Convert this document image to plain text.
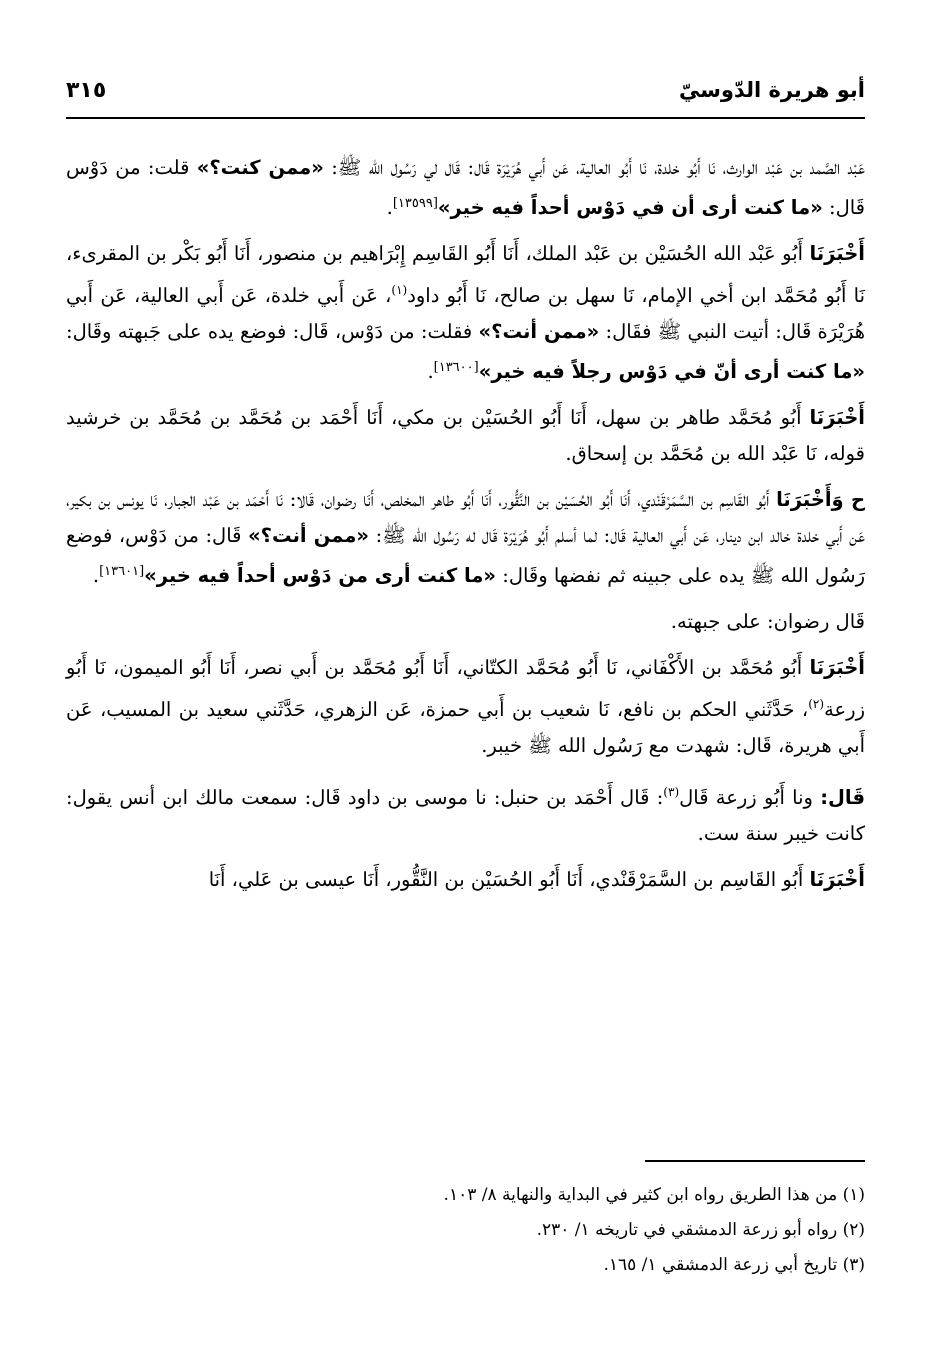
أبو هريرة الدّوسيّ
٣١٥

عَبْد الصَّمد بن عَبْد الوارث، نَا أَبُو خلدة، نَا أَبُو العالية، عَن أَبي هُرَيْرَة قَال: قَال لي رَسُول الله ﷺ: «ممن كنت؟» قلت: من دَوْس قَال: «ما كنت أرى أن في دَوْس أحداً فيه خير»[١٣٥٩٩].

أَخْبَرَنَا أَبُو عَبْد الله الحُسَيْن بن عَبْد الملك، أَنَا أَبُو القَاسِم إِبْرَاهيم بن منصور، أَنَا أَبُو بَكْر بن المقرىء، نَا أَبُو مُحَمَّد ابن أخي الإمام، نَا سهل بن صالح، نَا أَبُو داود$^{(١)}$، عَن أَبي خلدة، عَن أَبي العالية، عَن أَبي هُرَيْرَة قَال: أتيت النبي ﷺ فقَال: «ممن أنت؟» فقلت: من دَوْس، قَال: فوضع يده على جَبهته وقَال: «ما كنت أرى أنّ في دَوْس رجلاً فيه خير»[١٣٦٠٠].

أَخْبَرَنَا أَبُو مُحَمَّد طاهر بن سهل، أَنَا أَبُو الحُسَيْن بن مكي، أَنَا أَحْمَد بن مُحَمَّد بن مُحَمَّد بن خرشيد قوله، نَا عَبْد الله بن مُحَمَّد بن إسحاق.

ح وَأَخْبَرَنَا أَبُو القَاسِم بن السَّمَرْقَنْدي، أَنَا أَبُو الحُسَيْن بن النَّقُّور، أَنَا أَبُو طاهر المخلص، أَنَا رضوان، قَالا: نَا أَحْمَد بن عَبْد الجبار، نَا يونس بن بكير، عَن أَبي خلدة خالد ابن دينار، عَن أَبي العالية قَال: لما أسلم أَبُو هُرَيْرَة قَال له رَسُول الله ﷺ: «ممن أنت؟» قَال: من دَوْس، فوضع رَسُول الله ﷺ يده على جبينه ثم نفضها وقَال: «ما كنت أرى من دَوْس أحداً فيه خير»[١٣٦٠١].

قَال رضوان: على جبهته.

أَخْبَرَنَا أَبُو مُحَمَّد بن الأَكْفَاني، نَا أَبُو مُحَمَّد الكتّاني، أَنَا أَبُو مُحَمَّد بن أَبي نصر، أَنَا أَبُو الميمون، نَا أَبُو زرعة$^{(٢)}$، حَدَّثَني الحكم بن نافع، نَا شعيب بن أَبي حمزة، عَن الزهري، حَدَّثَني سعيد بن المسيب، عَن أَبي هريرة، قَال: شهدت مع رَسُول الله ﷺ خيبر.

قَال: ونا أَبُو زرعة قَال$^{(٣)}$: قَال أَحْمَد بن حنبل: نا موسى بن داود قَال: سمعت مالك ابن أنس يقول: كانت خيبر سنة ست.

أَخْبَرَنَا أَبُو القَاسِم بن السَّمَرْقَنْدي، أَنَا أَبُو الحُسَيْن بن النَّقُّور، أَنَا عيسى بن عَلي، أَنَا

(١) من هذا الطريق رواه ابن كثير في البداية والنهاية ٨/ ١٠٣.
(٢) رواه أبو زرعة الدمشقي في تاريخه ١/ ٢٣٠.
(٣) تاريخ أبي زرعة الدمشقي ١/ ١٦٥.
